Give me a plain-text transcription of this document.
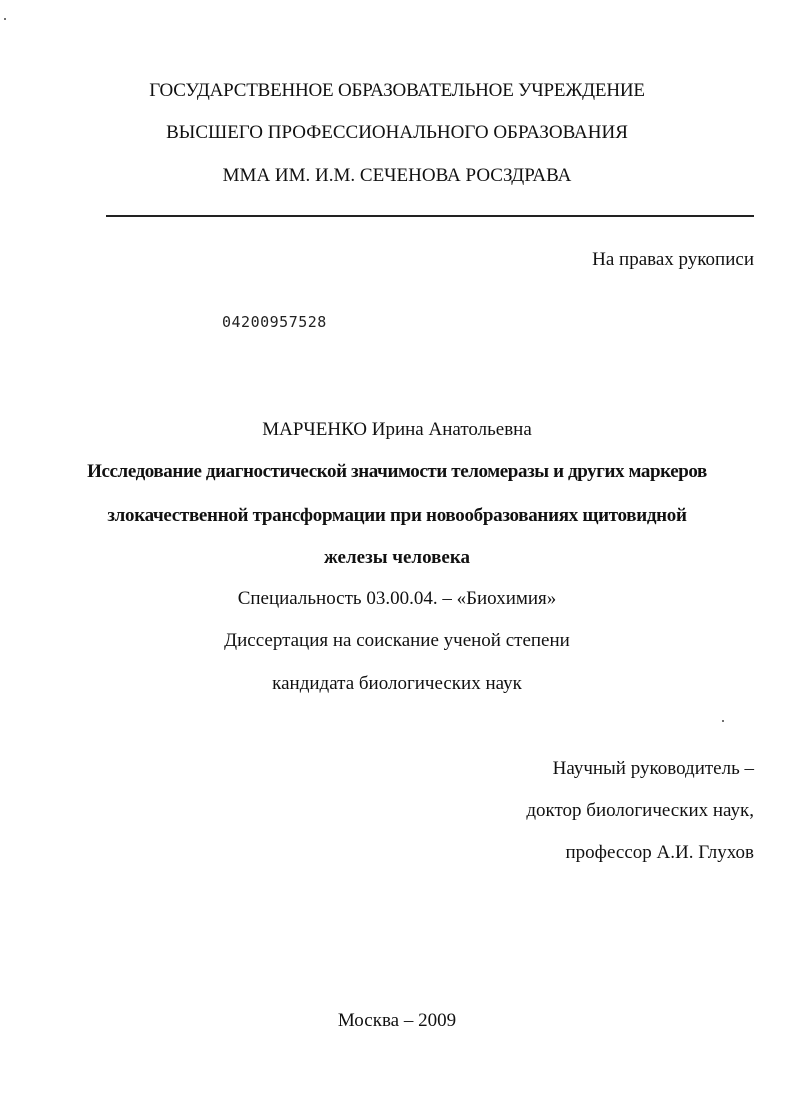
ГОСУДАРСТВЕННОЕ ОБРАЗОВАТЕЛЬНОЕ УЧРЕЖДЕНИЕ
ВЫСШЕГО ПРОФЕССИОНАЛЬНОГО ОБРАЗОВАНИЯ
ММА ИМ. И.М. СЕЧЕНОВА РОСЗДРАВА
На правах рукописи
04200957528
МАРЧЕНКО Ирина Анатольевна
Исследование диагностической значимости теломеразы и других маркеров
злокачественной трансформации при новообразованиях щитовидной
железы человека
Специальность 03.00.04. – «Биохимия»
Диссертация на соискание ученой степени
кандидата биологических наук
Научный руководитель –
доктор биологических наук,
профессор А.И. Глухов
Москва – 2009
